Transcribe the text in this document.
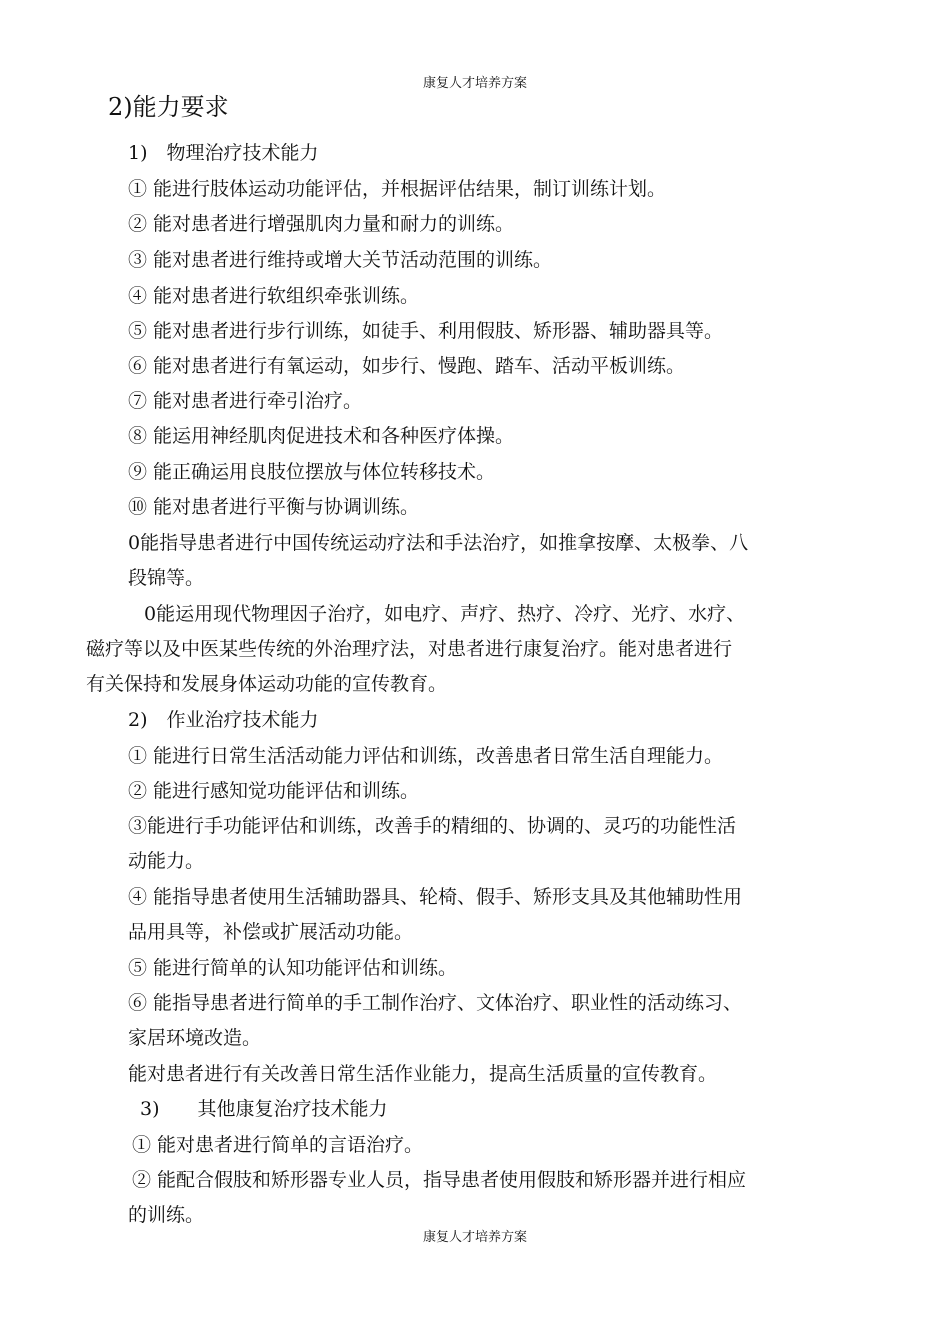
康复人才培养方案
2)能力要求
1)　物理治疗技术能力
① 能进行肢体运动功能评估，并根据评估结果，制订训练计划。
② 能对患者进行增强肌肉力量和耐力的训练。
③ 能对患者进行维持或增大关节活动范围的训练。
④ 能对患者进行软组织牵张训练。
⑤ 能对患者进行步行训练，如徒手、利用假肢、矫形器、辅助器具等。
⑥ 能对患者进行有氧运动，如步行、慢跑、踏车、活动平板训练。
⑦ 能对患者进行牵引治疗。
⑧ 能运用神经肌肉促进技术和各种医疗体操。
⑨ 能正确运用良肢位摆放与体位转移技术。
⑩ 能对患者进行平衡与协调训练。
0能指导患者进行中国传统运动疗法和手法治疗，如推拿按摩、太极拳、八
段锦等。
0能运用现代物理因子治疗，如电疗、声疗、热疗、冷疗、光疗、水疗、
磁疗等以及中医某些传统的外治理疗法，对患者进行康复治疗。能对患者进行
有关保持和发展身体运动功能的宣传教育。
2)　作业治疗技术能力
① 能进行日常生活活动能力评估和训练，改善患者日常生活自理能力。
② 能进行感知觉功能评估和训练。
③能进行手功能评估和训练，改善手的精细的、协调的、灵巧的功能性活
动能力。
④ 能指导患者使用生活辅助器具、轮椅、假手、矫形支具及其他辅助性用
品用具等，补偿或扩展活动功能。
⑤ 能进行简单的认知功能评估和训练。
⑥ 能指导患者进行简单的手工制作治疗、文体治疗、职业性的活动练习、
家居环境改造。
能对患者进行有关改善日常生活作业能力，提高生活质量的宣传教育。
3)　　其他康复治疗技术能力
① 能对患者进行简单的言语治疗。
② 能配合假肢和矫形器专业人员，指导患者使用假肢和矫形器并进行相应
的训练。
康复人才培养方案
